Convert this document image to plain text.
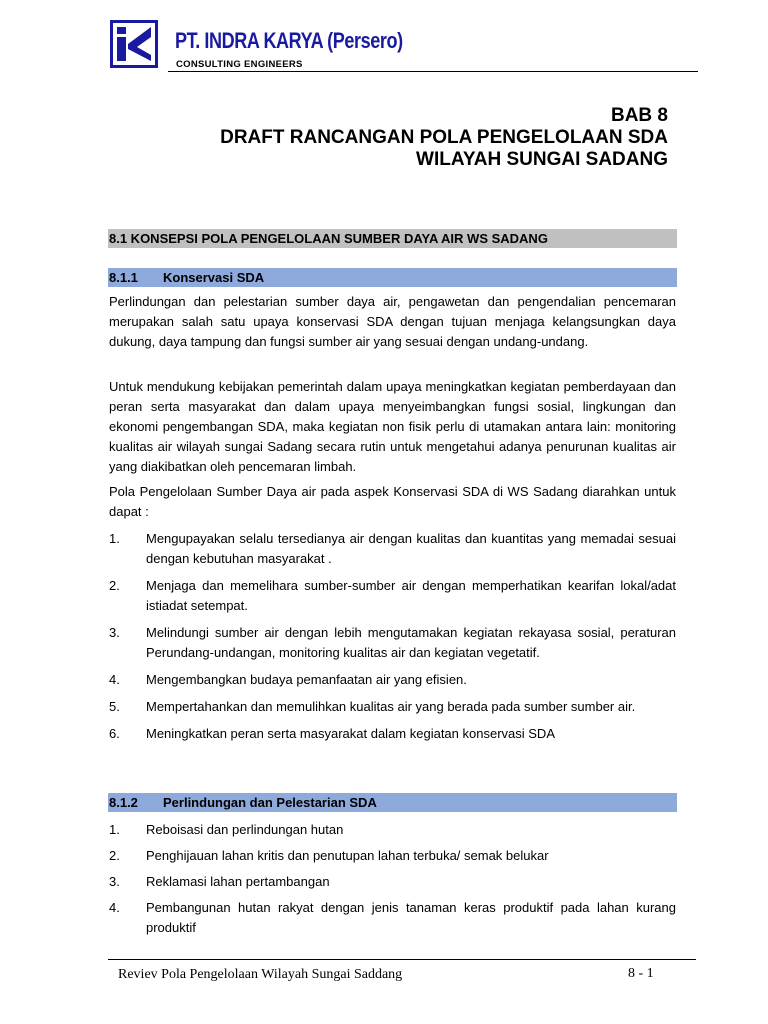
PT. INDRA KARYA (Persero)
CONSULTING ENGINEERS
BAB 8
DRAFT RANCANGAN POLA PENGELOLAAN SDA
WILAYAH SUNGAI SADANG
8.1 KONSEPSI POLA PENGELOLAAN SUMBER DAYA AIR WS SADANG
8.1.1 Konservasi SDA
Perlindungan dan pelestarian sumber daya air, pengawetan dan pengendalian pencemaran merupakan salah satu upaya konservasi SDA dengan tujuan menjaga kelangsungkan daya dukung, daya tampung dan fungsi sumber air yang sesuai dengan undang-undang.
Untuk mendukung kebijakan pemerintah dalam upaya meningkatkan kegiatan pemberdayaan dan peran serta masyarakat dan dalam upaya menyeimbangkan fungsi sosial, lingkungan dan ekonomi pengembangan SDA, maka kegiatan non fisik perlu di utamakan antara lain: monitoring kualitas air wilayah sungai Sadang secara rutin untuk mengetahui adanya penurunan kualitas air yang diakibatkan oleh pencemaran limbah.
Pola Pengelolaan Sumber Daya air pada aspek Konservasi SDA di WS Sadang diarahkan untuk dapat :
1. Mengupayakan selalu tersedianya air dengan kualitas dan kuantitas yang memadai sesuai dengan kebutuhan masyarakat .
2. Menjaga dan memelihara sumber-sumber air dengan memperhatikan kearifan lokal/adat istiadat setempat.
3. Melindungi sumber air dengan lebih mengutamakan kegiatan rekayasa sosial, peraturan Perundang-undangan, monitoring kualitas air dan kegiatan vegetatif.
4. Mengembangkan budaya pemanfaatan air yang efisien.
5. Mempertahankan dan memulihkan kualitas air yang berada pada sumber sumber air.
6. Meningkatkan peran serta masyarakat dalam kegiatan konservasi SDA
8.1.2 Perlindungan dan Pelestarian SDA
1. Reboisasi dan perlindungan hutan
2. Penghijauan lahan kritis dan penutupan lahan terbuka/ semak belukar
3. Reklamasi lahan pertambangan
4. Pembangunan hutan rakyat dengan jenis tanaman keras produktif pada lahan kurang produktif
Reviev Pola Pengelolaan Wilayah Sungai Saddang	8 - 1
